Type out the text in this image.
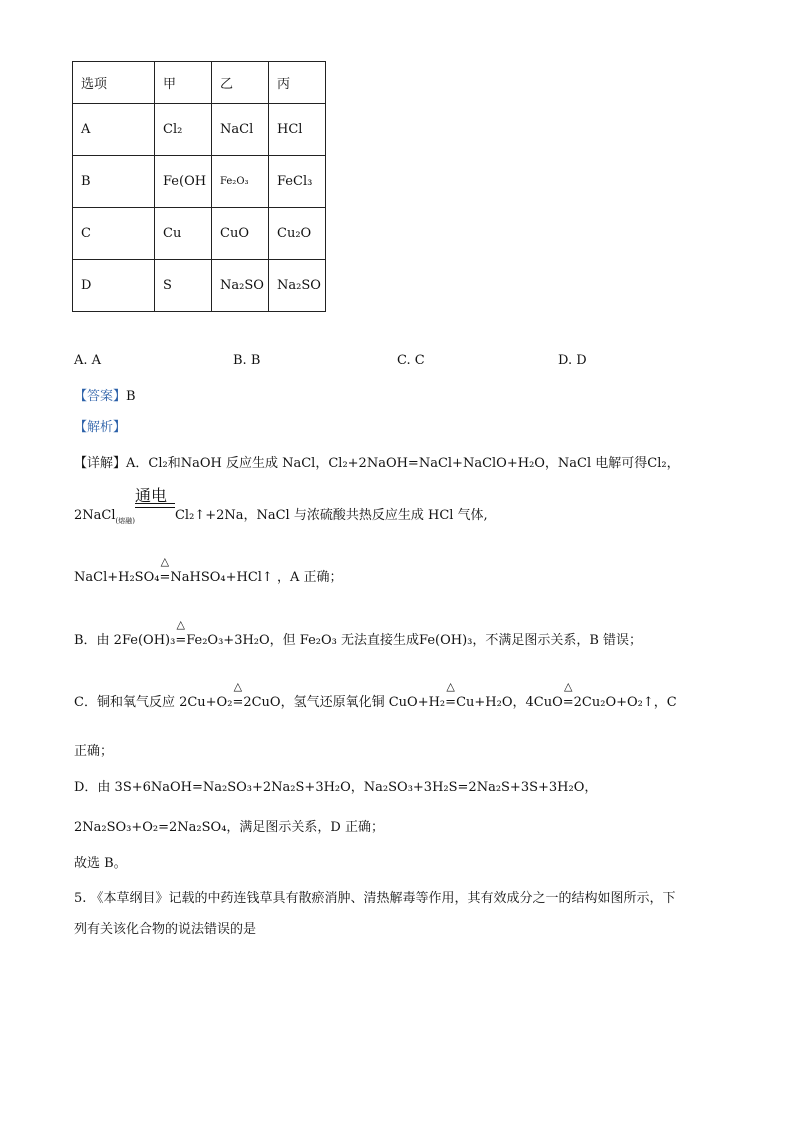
选项	甲	乙	丙
A	Cl₂	NaCl	HCl
B	Fe(OH	Fe₂O₃	FeCl₃
C	Cu	CuO	Cu₂O
D	S	Na₂SO	Na₂SO
A. A	B. B	C. C	D. D
【答案】B
【解析】
【详解】A．Cl₂和NaOH 反应生成 NaCl，Cl₂+2NaOH=NaCl+NaClO+H₂O，NaCl 电解可得Cl₂，
2NaCl$_{(熔融)}$
通电
Cl₂↑+2Na，NaCl 与浓硫酸共热反应生成 HCl 气体,
NaCl+H₂SO₄
△
=NaHSO₄+HCl↑ ，A 正确；
B．由 2Fe(OH)₃
△
=Fe₂O₃+3H₂O，但 Fe₂O₃ 无法直接生成Fe(OH)₃，不满足图示关系，B 错误；
C．铜和氧气反应 2Cu+O₂
△
=2CuO，氢气还原氧化铜 CuO+H₂
△
=Cu+H₂O，4CuO
△
=2Cu₂O+O₂↑，C
正确；
D．由 3S+6NaOH=Na₂SO₃+2Na₂S+3H₂O，Na₂SO₃+3H₂S=2Na₂S+3S+3H₂O，
2Na₂SO₃+O₂=2Na₂SO₄，满足图示关系，D 正确；
故选 B。
5. 《本草纲目》记载的中药连钱草具有散瘀消肿、清热解毒等作用，其有效成分之一的结构如图所示，下
列有关该化合物的说法错误的是
